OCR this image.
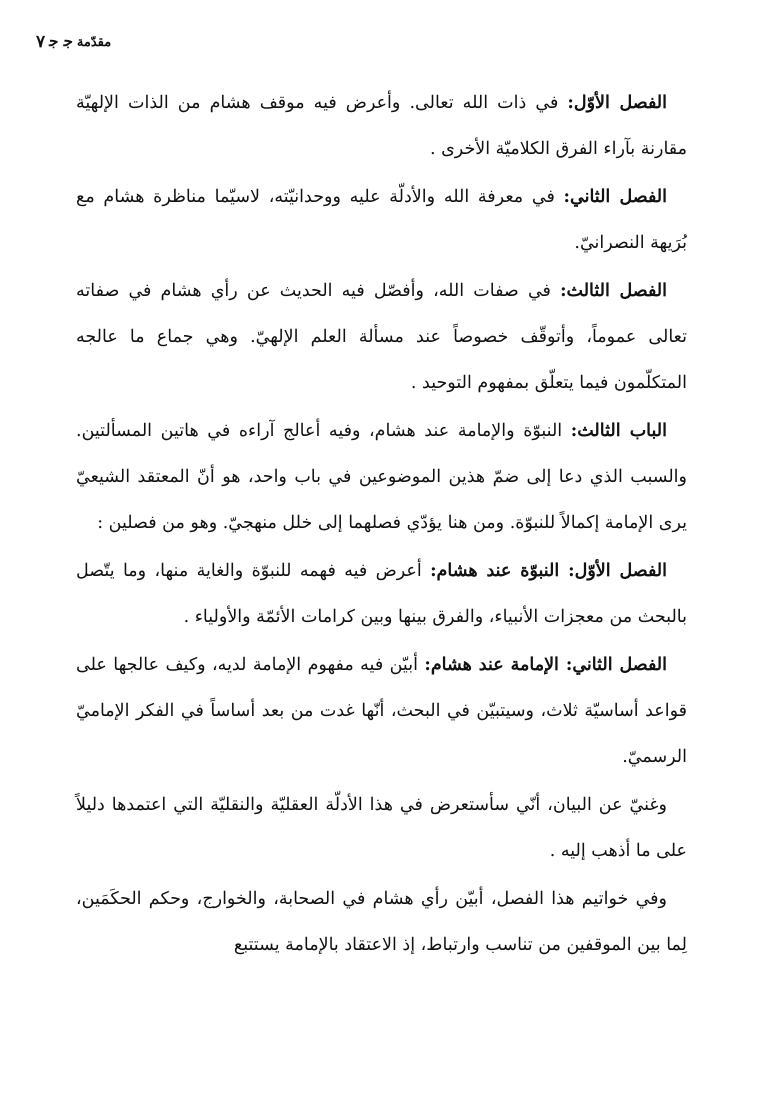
مقدّمة
ﺟ ﺟ
٧

الفصل الأوّل: في ذات الله تعالى. وأعرض فيه موقف هشام من الذات الإلهيّة مقارنة بآراء الفرق الكلاميّة الأخرى .

الفصل الثاني: في معرفة الله والأدلّة عليه ووحدانيّته، لاسيّما مناظرة هشام مع بُرَيهة النصرانيّ.

الفصل الثالث: في صفات الله، وأفصّل فيه الحديث عن رأي هشام في صفاته تعالى عموماً، وأتوقّف خصوصاً عند مسألة العلم الإلهيّ. وهي جماع ما عالجه المتكلّمون فيما يتعلّق بمفهوم التوحيد .

الباب الثالث: النبوّة والإمامة عند هشام، وفيه أعالج آراءه في هاتين المسألتين. والسبب الذي دعا إلى ضمّ هذين الموضوعين في باب واحد، هو أنّ المعتقد الشيعيّ يرى الإمامة إكمالاً للنبوّة. ومن هنا يؤدّي فصلهما إلى خلل منهجيّ. وهو من فصلين :

الفصل الأوّل: النبوّة عند هشام: أعرض فيه فهمه للنبوّة والغاية منها، وما يتّصل بالبحث من معجزات الأنبياء، والفرق بينها وبين كرامات الأئمّة والأولياء .

الفصل الثاني: الإمامة عند هشام: أبيّن فيه مفهوم الإمامة لديه، وكيف عالجها على قواعد أساسيّة ثلاث، وسيتبيّن في البحث، أنّها غدت من بعد أساساً في الفكر الإماميّ الرسميّ.

وغنيّ عن البيان، أنّي سأستعرض في هذا الأدلّة العقليّة والنقليّة التي اعتمدها دليلاً على ما أذهب إليه .

وفي خواتيم هذا الفصل، أبيّن رأي هشام في الصحابة، والخوارج، وحكم الحكَمَين، لِما بين الموقفين من تناسب وارتباط، إذ الاعتقاد بالإمامة يستتبع
